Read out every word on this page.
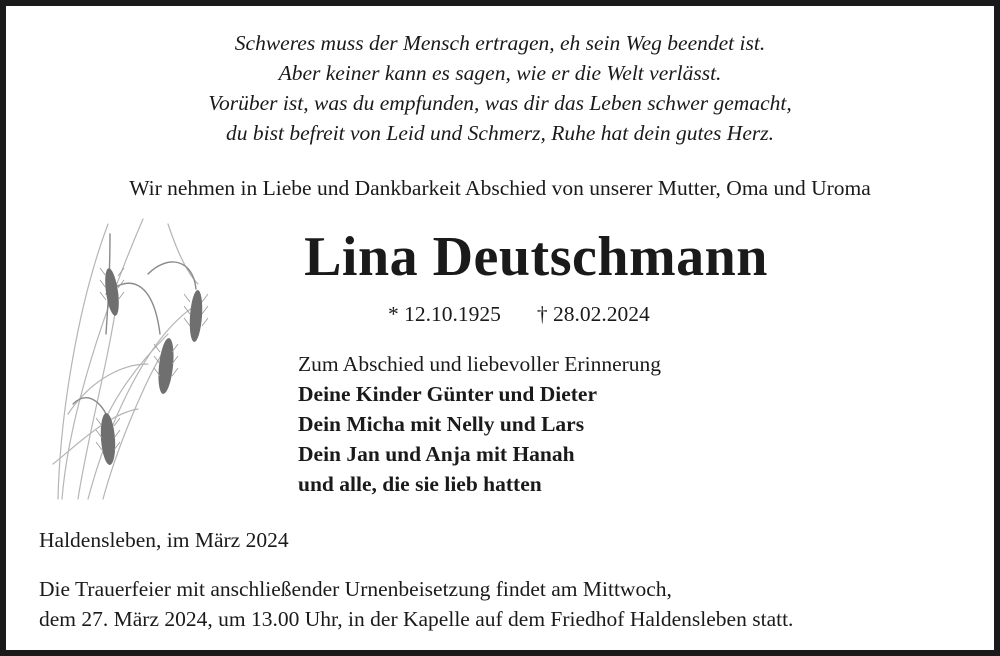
Schweres muss der Mensch ertragen, eh sein Weg beendet ist.
Aber keiner kann es sagen, wie er die Welt verlässt.
Vorüber ist, was du empfunden, was dir das Leben schwer gemacht,
du bist befreit von Leid und Schmerz, Ruhe hat dein gutes Herz.
Wir nehmen in Liebe und Dankbarkeit Abschied von unserer Mutter, Oma und Uroma
Lina Deutschmann
* 12.10.1925 † 28.02.2024
Zum Abschied und liebevoller Erinnerung
Deine Kinder Günter und Dieter
Dein Micha mit Nelly und Lars
Dein Jan und Anja mit Hanah
und alle, die sie lieb hatten
Haldensleben, im März 2024
Die Trauerfeier mit anschließender Urnenbeisetzung findet am Mittwoch,
dem 27. März 2024, um 13.00 Uhr, in der Kapelle auf dem Friedhof Haldensleben statt.
